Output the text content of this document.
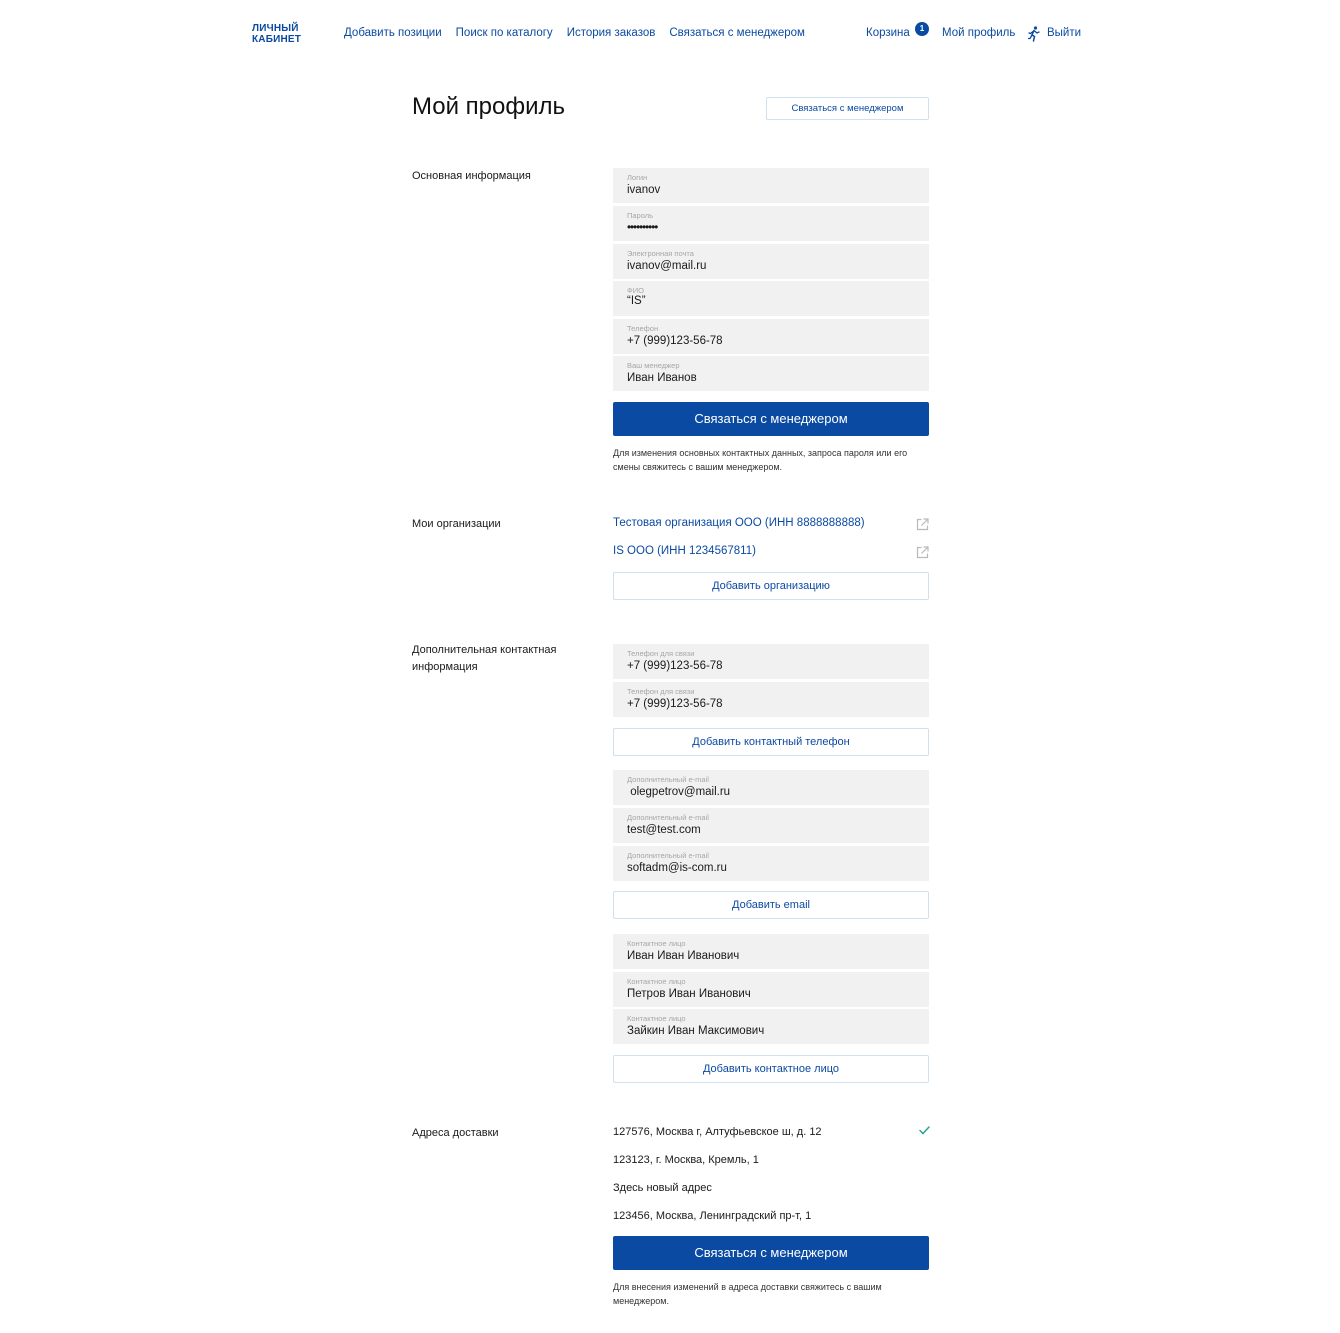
ЛИЧНЫЙ
КАБИНЕТ
Добавить позиции Поиск по каталогу История заказов Связаться с менеджером	Корзина	1	Мой профиль	Выйти
Мой профиль	Связаться с менеджером
Основная информация	Логин
ivanov
Пароль
••••••••••
Электронная почта
ivanov@mail.ru
ФИО
“IS”
Телефон
+7 (999)123-56-78
Ваш менеджер
Иван Иванов
Связаться с менеджером
Для изменения основных контактных данных, запроса пароля или его смены свяжитесь с вашим менеджером.
Мои организации	Тестовая организация ООО (ИНН 8888888888)
IS ООО (ИНН 1234567811)
Добавить организацию
Дополнительная контактная информация
Телефон для связи
+7 (999)123-56-78
Телефон для связи
+7 (999)123-56-78
Добавить контактный телефон
Дополнительный e-mail
olegpetrov@mail.ru
Дополнительный e-mail
test@test.com
Дополнительный e-mail
softadm@is-com.ru
Добавить email
Контактное лицо
Иван Иван Иванович
Контактное лицо
Петров Иван Иванович
Контактное лицо
Зайкин Иван Максимович
Добавить контактное лицо
Адреса доставки	127576, Москва г, Алтуфьевское ш, д. 12
123123, г. Москва, Кремль, 1
Здесь новый адрес
123456, Москва, Ленинградский пр-т, 1
Связаться с менеджером
Для внесения изменений в адреса доставки свяжитесь с вашим менеджером.
